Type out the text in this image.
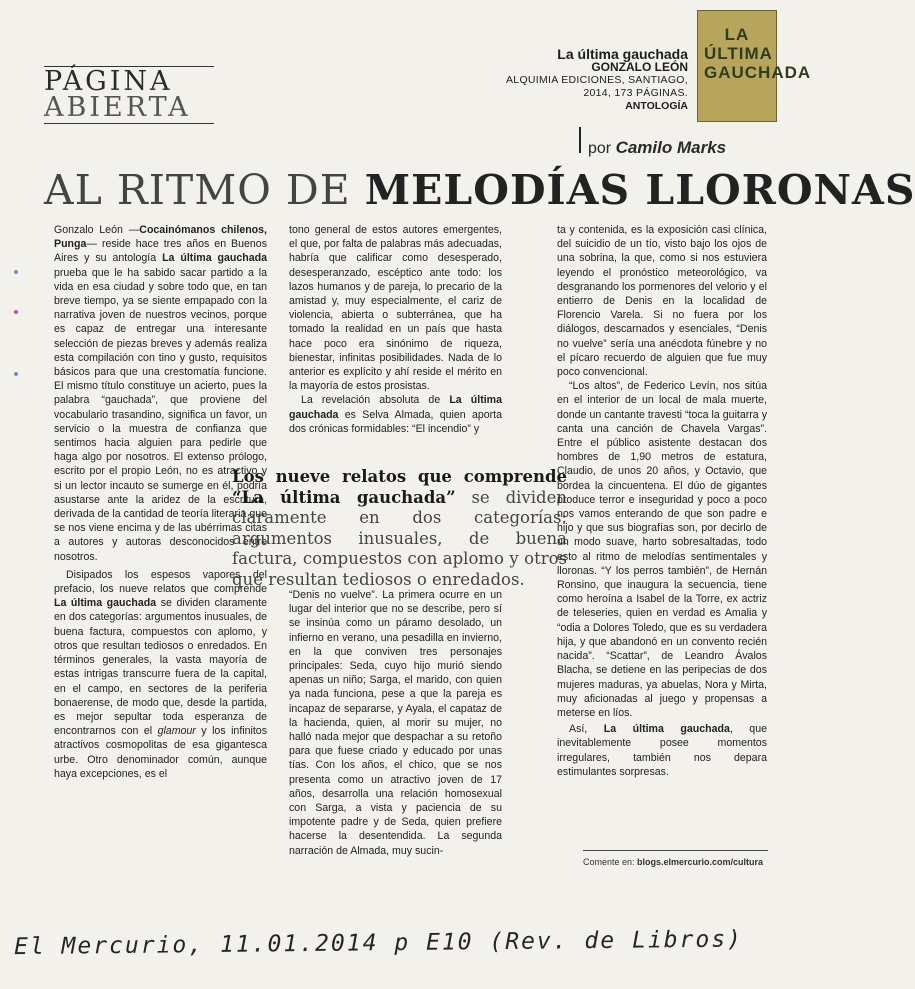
PÁGINA

ABIERTA
La última gauchada
GONZALO LEÓN
ALQUIMIA EDICIONES, SANTIAGO,
2014, 173 PÁGINAS.
ANTOLOGÍA
LA ÚLTIMA GAUCHADA
por Camilo Marks
AL RITMO DE MELODÍAS LLORONAS

Gonzalo León —Cocainómanos chilenos, Punga— reside hace tres años en Buenos Aires y su antología La última gauchada prueba que le ha sabido sacar partido a la vida en esa ciudad y sobre todo que, en tan breve tiempo, ya se siente empapado con la narrativa joven de nuestros vecinos, porque es capaz de entregar una interesante selección de piezas breves y además realiza esta compilación con tino y gusto, requisitos básicos para que una crestomatía funcione. El mismo título constituye un acierto, pues la palabra “gauchada”, que proviene del vocabulario trasandino, significa un favor, un servicio o la muestra de confianza que sentimos hacia alguien para pedirle que haga algo por nosotros. El extenso prólogo, escrito por el propio León, no es atractivo y si un lector incauto se sumerge en él, podría asustarse ante la aridez de la escritura, derivada de la cantidad de teoría literaria que se nos viene encima y de las ubérrimas citas a autores y autoras desconocidos entre nosotros.

Disipados los espesos vapores del prefacio, los nueve relatos que comprende La última gauchada se dividen claramente en dos categorías: argumentos inusuales, de buena factura, compuestos con aplomo, y otros que resultan tediosos o enredados. En términos generales, la vasta mayoría de estas intrigas transcurre fuera de la capital, en el campo, en sectores de la periferia bonaerense, de modo que, desde la partida, es mejor sepultar toda esperanza de encontrarnos con el glamour y los infinitos atractivos cosmopolitas de esa gigantesca urbe. Otro denominador común, aunque haya excepciones, es el

tono general de estos autores emergentes, el que, por falta de palabras más adecuadas, habría que calificar como desesperado, desesperanzado, escéptico ante todo: los lazos humanos y de pareja, lo precario de la amistad y, muy especialmente, el cariz de violencia, abierta o subterránea, que ha tomado la realidad en un país que hasta hace poco era sinónimo de riqueza, bienestar, infinitas posibilidades. Nada de lo anterior es explícito y ahí reside el mérito en la mayoría de estos prosistas.

La revelación absoluta de La última gauchada es Selva Almada, quien aporta dos crónicas formidables: “El incendio” y

Los nueve relatos que comprende “La última gauchada” se dividen claramente en dos categorías: argumentos inusuales, de buena factura, compuestos con aplomo y otros que resultan tediosos o enredados.

“Denis no vuelve”. La primera ocurre en un lugar del interior que no se describe, pero sí se insinúa como un páramo desolado, un infierno en verano, una pesadilla en invierno, en la que conviven tres personajes principales: Seda, cuyo hijo murió siendo apenas un niño; Sarga, el marido, con quien ya nada funciona, pese a que la pareja es incapaz de separarse, y Ayala, el capataz de la hacienda, quien, al morir su mujer, no halló nada mejor que despachar a su retoño para que fuese criado y educado por unas tías. Con los años, el chico, que se nos presenta como un atractivo joven de 17 años, desarrolla una relación homosexual con Sarga, a vista y paciencia de su impotente padre y de Seda, quien prefiere hacerse la desentendida. La segunda narración de Almada, muy sucin-

ta y contenida, es la exposición casi clínica, del suicidio de un tío, visto bajo los ojos de una sobrina, la que, como si nos estuviera leyendo el pronóstico meteorológico, va desgranando los pormenores del velorio y el entierro de Denis en la localidad de Florencio Varela. Si no fuera por los diálogos, descarnados y esenciales, “Denis no vuelve” sería una anécdota fúnebre y no el pícaro recuerdo de alguien que fue muy poco convencional.

“Los altos”, de Federico Levín, nos sitúa en el interior de un local de mala muerte, donde un cantante travesti “toca la guitarra y canta una canción de Chavela Vargas”. Entre el público asistente destacan dos hombres de 1,90 metros de estatura, Claudio, de unos 20 años, y Octavio, que bordea la cincuentena. El dúo de gigantes produce terror e inseguridad y poco a poco nos vamos enterando de que son padre e hijo y que sus biografías son, por decirlo de un modo suave, harto sobresaltadas, todo esto al ritmo de melodías sentimentales y lloronas. “Y los perros también”, de Hernán Ronsino, que inaugura la secuencia, tiene como heroína a Isabel de la Torre, ex actriz de teleseries, quien en verdad es Amalia y “odia a Dolores Toledo, que es su verdadera hija, y que abandonó en un convento recién nacida”. “Scattar”, de Leandro Ávalos Blacha, se detiene en las peripecias de dos mujeres maduras, ya abuelas, Nora y Mirta, muy aficionadas al juego y propensas a meterse en líos.

Así, La última gauchada, que inevitablemente posee momentos irregulares, también nos depara estimulantes sorpresas.

Comente en: blogs.elmercurio.com/cultura
El Mercurio, 11.01.2014 p E10 (Rev. de Libros)
